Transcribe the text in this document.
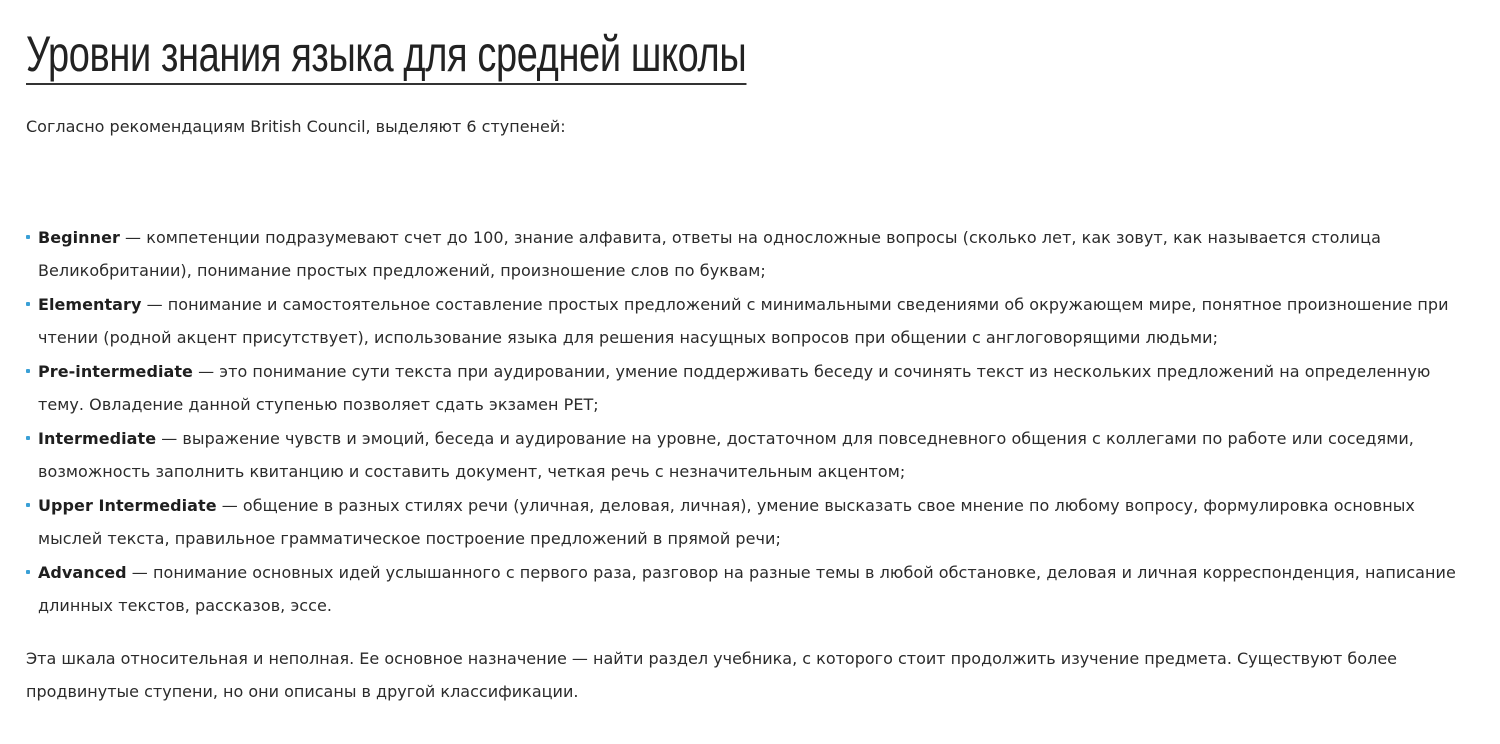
Уровни знания языка для средней школы

Согласно рекомендациям British Council, выделяют 6 ступеней:

Beginner — компетенции подразумевают счет до 100, знание алфавита, ответы на односложные вопросы (сколько лет, как зовут, как называется столица Великобритании), понимание простых предложений, произношение слов по буквам;
Elementary — понимание и самостоятельное составление простых предложений с минимальными сведениями об окружающем мире, понятное произношение при чтении (родной акцент присутствует), использование языка для решения насущных вопросов при общении с англоговорящими людьми;
Pre-intermediate — это понимание сути текста при аудировании, умение поддерживать беседу и сочинять текст из нескольких предложений на определенную тему. Овладение данной ступенью позволяет сдать экзамен PET;
Intermediate — выражение чувств и эмоций, беседа и аудирование на уровне, достаточном для повседневного общения с коллегами по работе или соседями, возможность заполнить квитанцию и составить документ, четкая речь с незначительным акцентом;
Upper Intermediate — общение в разных стилях речи (уличная, деловая, личная), умение высказать свое мнение по любому вопросу, формулировка основных мыслей текста, правильное грамматическое построение предложений в прямой речи;
Advanced — понимание основных идей услышанного с первого раза, разговор на разные темы в любой обстановке, деловая и личная корреспонденция, написание длинных текстов, рассказов, эссе.

Эта шкала относительная и неполная. Ее основное назначение — найти раздел учебника, с которого стоит продолжить изучение предмета. Существуют более продвинутые ступени, но они описаны в другой классификации.
